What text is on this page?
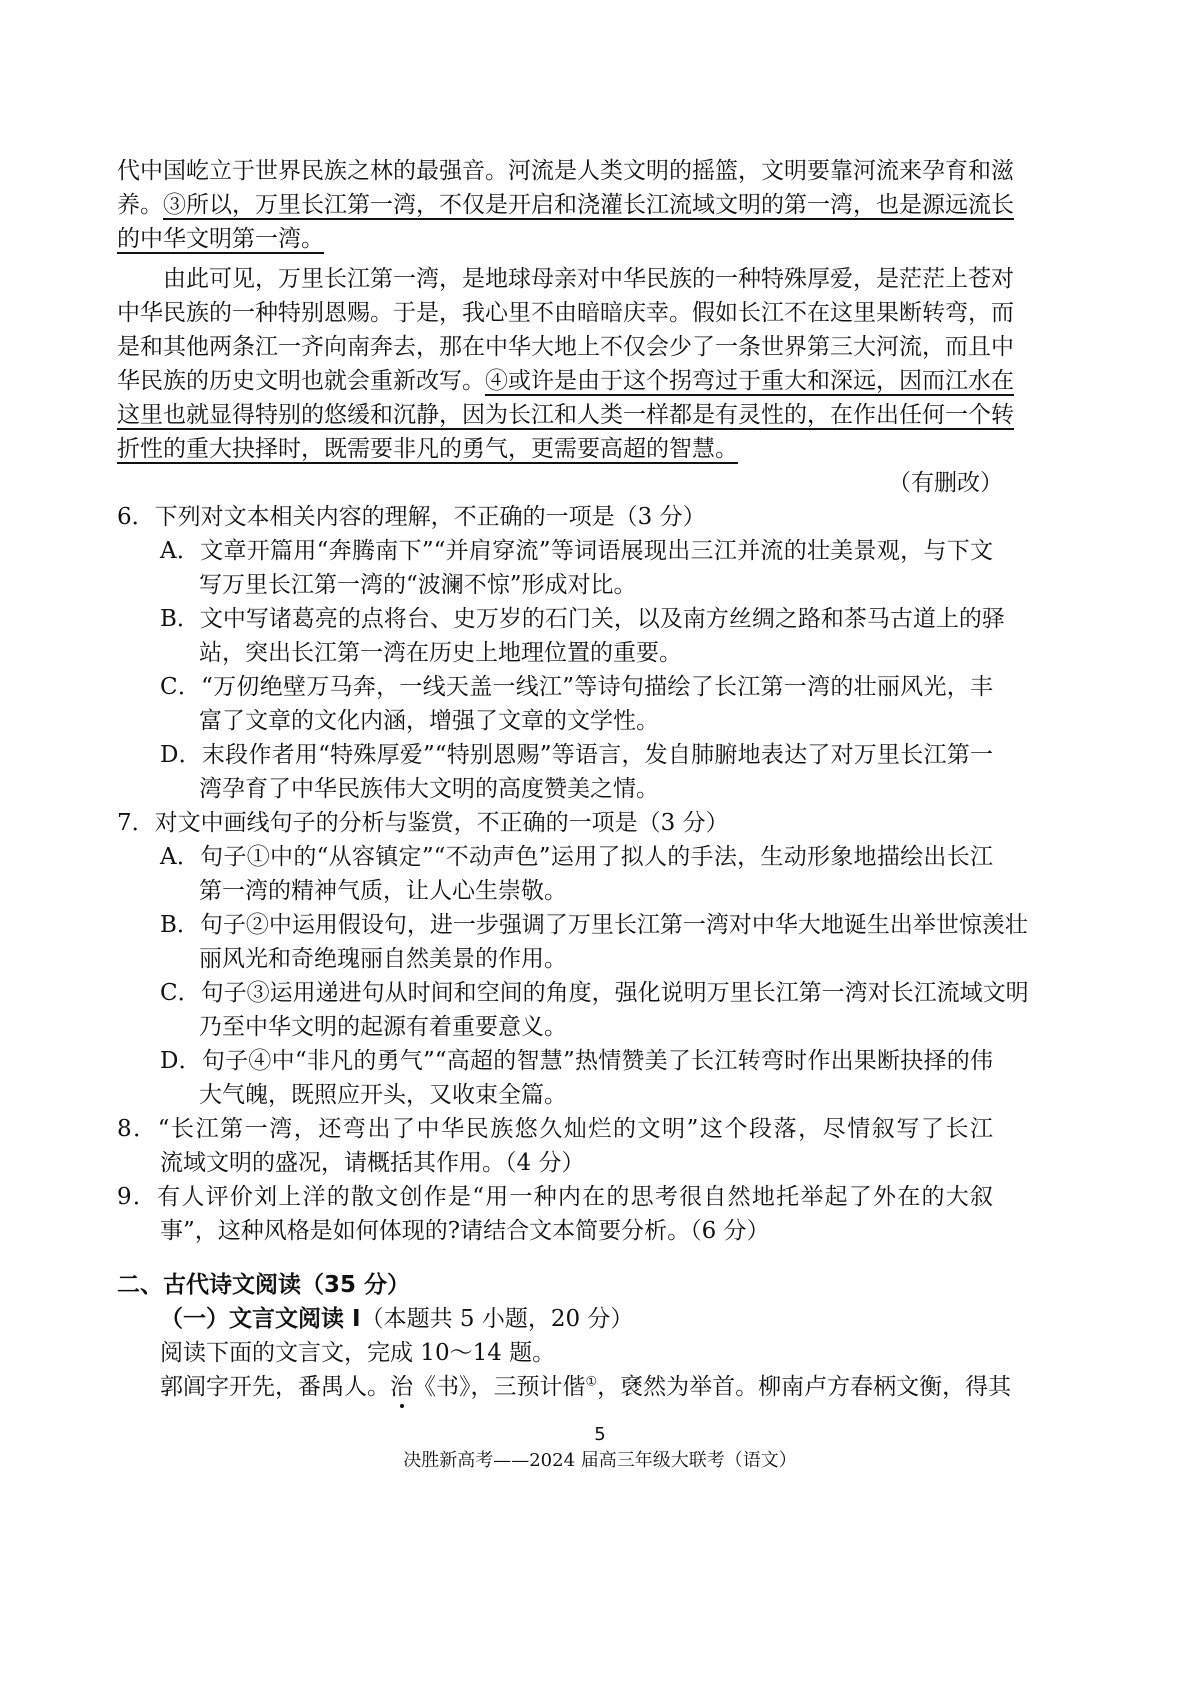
代中国屹立于世界民族之林的最强音。河流是人类文明的摇篮，文明要靠河流来孕育和滋
养。③所以，万里长江第一湾，不仅是开启和浇灌长江流域文明的第一湾，也是源远流长
的中华文明第一湾。
由此可见，万里长江第一湾，是地球母亲对中华民族的一种特殊厚爱，是茫茫上苍对
中华民族的一种特别恩赐。于是，我心里不由暗暗庆幸。假如长江不在这里果断转弯，而
是和其他两条江一齐向南奔去，那在中华大地上不仅会少了一条世界第三大河流，而且中
华民族的历史文明也就会重新改写。④或许是由于这个拐弯过于重大和深远，因而江水在
这里也就显得特别的悠缓和沉静，因为长江和人类一样都是有灵性的，在作出任何一个转
折性的重大抉择时，既需要非凡的勇气，更需要高超的智慧。
（有删改）
6．下列对文本相关内容的理解，不正确的一项是（3 分）
A．文章开篇用“奔腾南下”“并肩穿流”等词语展现出三江并流的壮美景观，与下文
写万里长江第一湾的“波澜不惊”形成对比。
B．文中写诸葛亮的点将台、史万岁的石门关，以及南方丝绸之路和茶马古道上的驿
站，突出长江第一湾在历史上地理位置的重要。
C．“万仞绝壁万马奔，一线天盖一线江”等诗句描绘了长江第一湾的壮丽风光，丰
富了文章的文化内涵，增强了文章的文学性。
D．末段作者用“特殊厚爱”“特别恩赐”等语言，发自肺腑地表达了对万里长江第一
湾孕育了中华民族伟大文明的高度赞美之情。
7．对文中画线句子的分析与鉴赏，不正确的一项是（3 分）
A．句子①中的“从容镇定”“不动声色”运用了拟人的手法，生动形象地描绘出长江
第一湾的精神气质，让人心生崇敬。
B．句子②中运用假设句，进一步强调了万里长江第一湾对中华大地诞生出举世惊羡壮
丽风光和奇绝瑰丽自然美景的作用。
C．句子③运用递进句从时间和空间的角度，强化说明万里长江第一湾对长江流域文明
乃至中华文明的起源有着重要意义。
D．句子④中“非凡的勇气”“高超的智慧”热情赞美了长江转弯时作出果断抉择的伟
大气魄，既照应开头，又收束全篇。
8．“长江第一湾，还弯出了中华民族悠久灿烂的文明”这个段落，尽情叙写了长江
流域文明的盛况，请概括其作用。（4 分）
9．有人评价刘上洋的散文创作是“用一种内在的思考很自然地托举起了外在的大叙
事”，这种风格是如何体现的?请结合文本简要分析。（6 分）
二、古代诗文阅读（35 分）
（一）文言文阅读 I（本题共 5 小题，20 分）
阅读下面的文言文，完成 10～14 题。
郭阊字开先，番禺人。治《书》，三预计偕①，褎然为举首。柳南卢方春柄文衡，得其
5
决胜新高考——2024 届高三年级大联考（语文）
